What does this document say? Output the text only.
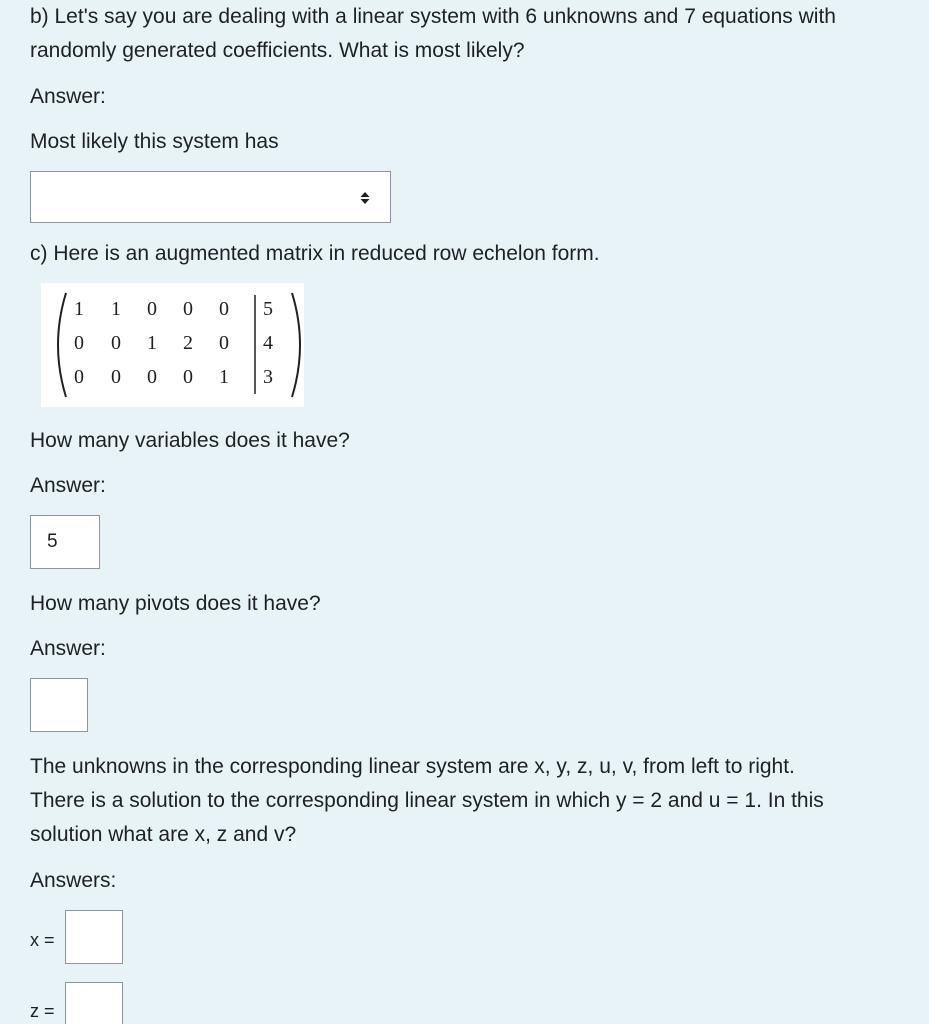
b) Let's say you are dealing with a linear system with 6 unknowns and 7 equations with

randomly generated coefficients. What is most likely?

Answer:

Most likely this system has

c) Here is an augmented matrix in reduced row echelon form.

1 1 0 0 0 5
0 0 1 2 0 4
0 0 0 0 1 3

How many variables does it have?

Answer:

5

How many pivots does it have?

Answer:

The unknowns in the corresponding linear system are x, y, z, u, v, from left to right.

There is a solution to the corresponding linear system in which y = 2 and u = 1. In this

solution what are x, z and v?

Answers:

x =
z =
